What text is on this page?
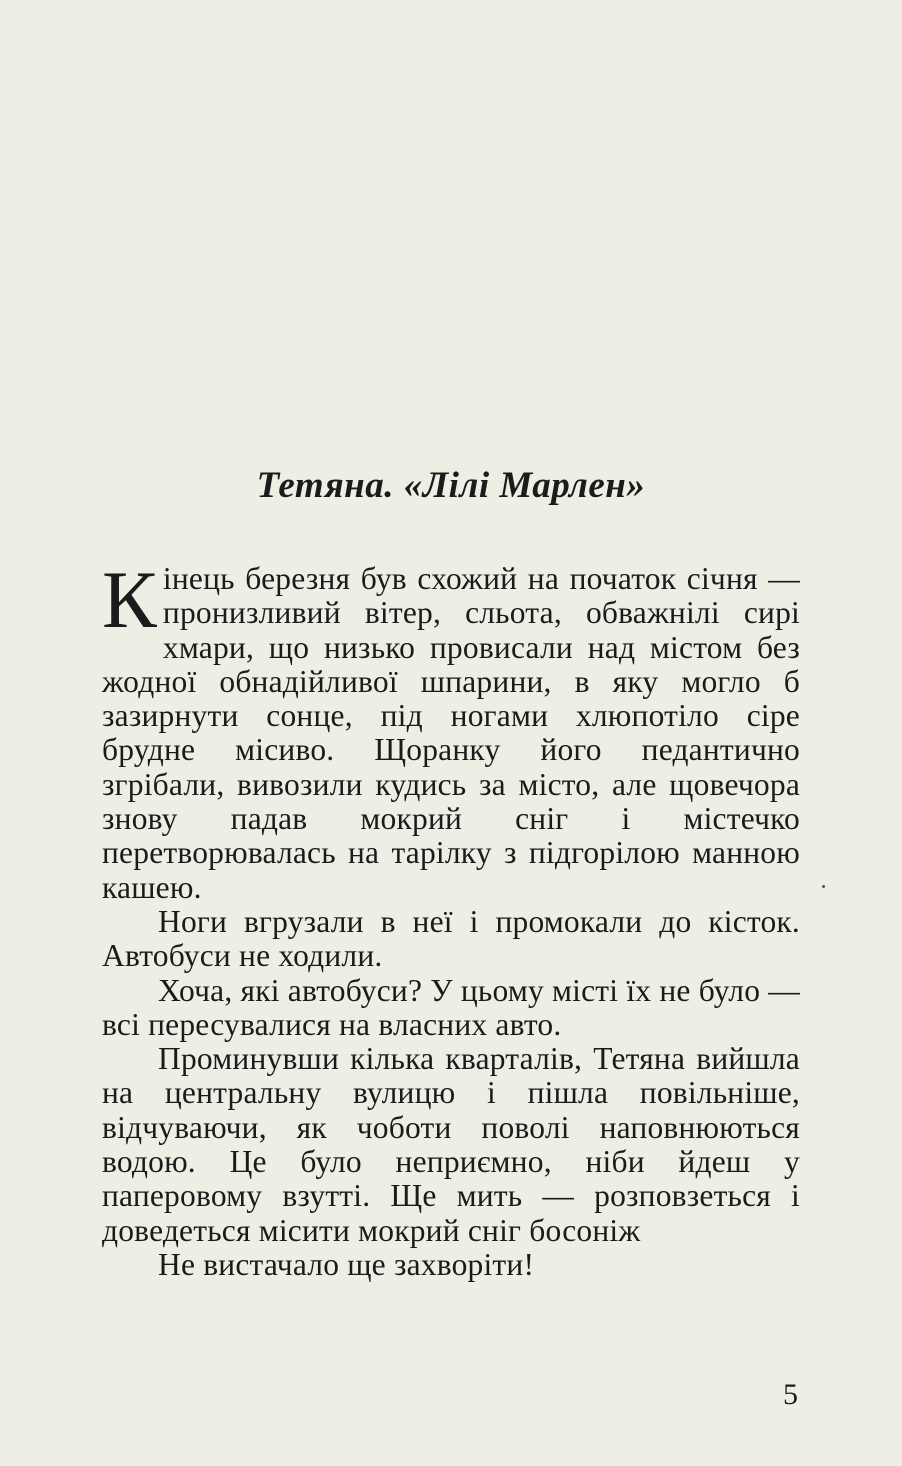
Тетяна. «Лілі Марлен»

Кінець березня був схожий на початок січня — пронизливий вітер, сльота, обважнілі сирі хмари, що низько провисали над містом без жодної обнадійливої шпарини, в яку могло б зазирнути сонце, під ногами хлюпотіло сіре брудне місиво. Щоранку його педантично згрібали, вивозили кудись за місто, але щовечора знову падав мокрий сніг і містечко перетворювалась на тарілку з підгорілою манною кашею.

Ноги вгрузали в неї і промокали до кісток. Автобуси не ходили.

Хоча, які автобуси? У цьому місті їх не було — всі пересувалися на власних авто.

Проминувши кілька кварталів, Тетяна вийшла на центральну вулицю і пішла повільніше, відчуваючи, як чоботи поволі наповнюються водою. Це було неприємно, ніби йдеш у паперовому взутті. Ще мить — розповзеться і доведеться місити мокрий сніг босоніж

Не вистачало ще захворіти!

5
